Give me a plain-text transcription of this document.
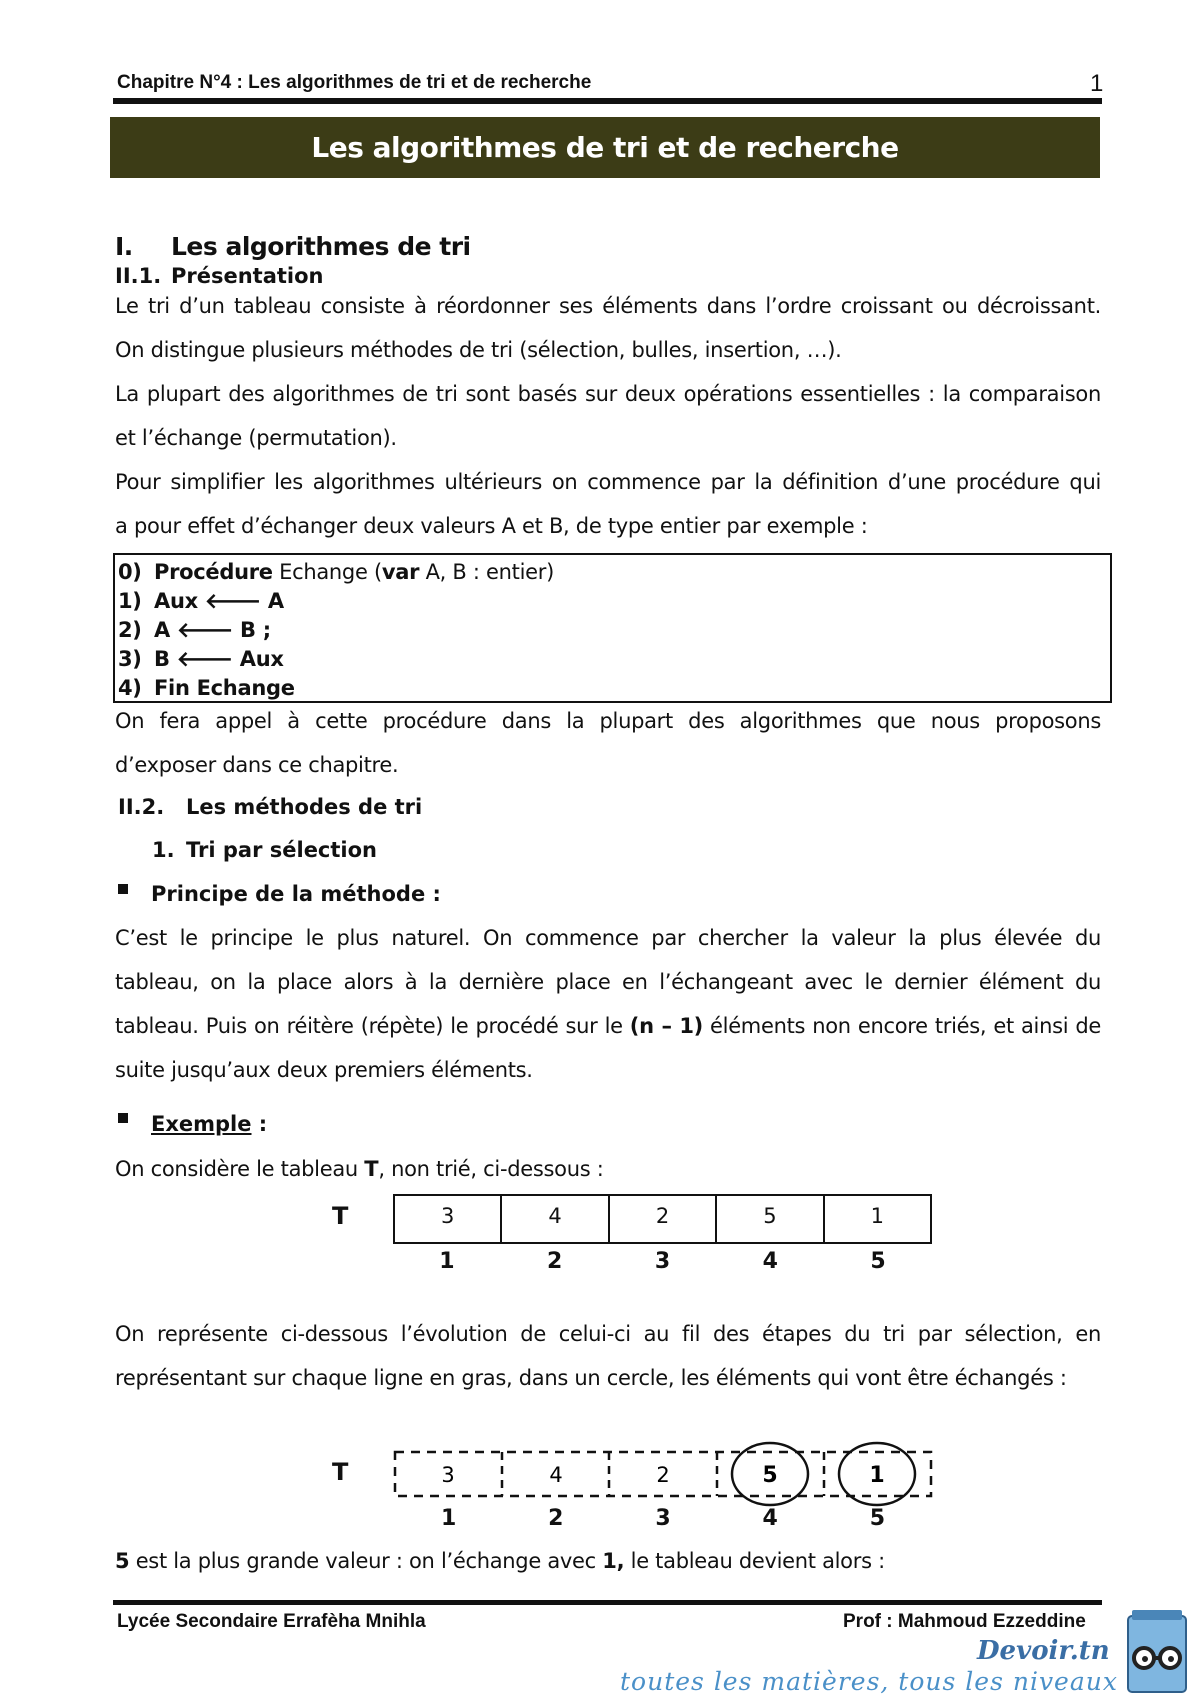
Chapitre N°4 : Les algorithmes de tri et de recherche	1
Les algorithmes de tri et de recherche
I. Les algorithmes de tri
II.1. Présentation
Le tri d’un tableau consiste à réordonner ses éléments dans l’ordre croissant ou décroissant.
On distingue plusieurs méthodes de tri (sélection, bulles, insertion, …).
La plupart des algorithmes de tri sont basés sur deux opérations essentielles : la comparaison
et l’échange (permutation).
Pour simplifier les algorithmes ultérieurs on commence par la définition d’une procédure qui
a pour effet d’échanger deux valeurs A et B, de type entier par exemple :
0) Procédure Echange (var A, B : entier)
1) Aux 🡐 A
2) A 🡐 B ;
3) B 🡐 Aux
4) Fin Echange
On fera appel à cette procédure dans la plupart des algorithmes que nous proposons
d’exposer dans ce chapitre.
II.2. Les méthodes de tri
1. Tri par sélection
Principe de la méthode :
C’est le principe le plus naturel. On commence par chercher la valeur la plus élevée du
tableau, on la place alors à la dernière place en l’échangeant avec le dernier élément du
tableau. Puis on réitère (répète) le procédé sur le (n – 1) éléments non encore triés, et ainsi de
suite jusqu’aux deux premiers éléments.
Exemple :
On considère le tableau T, non trié, ci-dessous :
T	3	4	2	5	1
1	2	3	4	5
On représente ci-dessous l’évolution de celui-ci au fil des étapes du tri par sélection, en
représentant sur chaque ligne en gras, dans un cercle, les éléments qui vont être échangés :
T	3	4	2	5	1
1	2	3	4	5
5 est la plus grande valeur : on l’échange avec 1, le tableau devient alors :
Lycée Secondaire Errafèha Mnihla	Prof : Mahmoud Ezzeddine
Devoir.tn
toutes les matières, tous les niveaux
